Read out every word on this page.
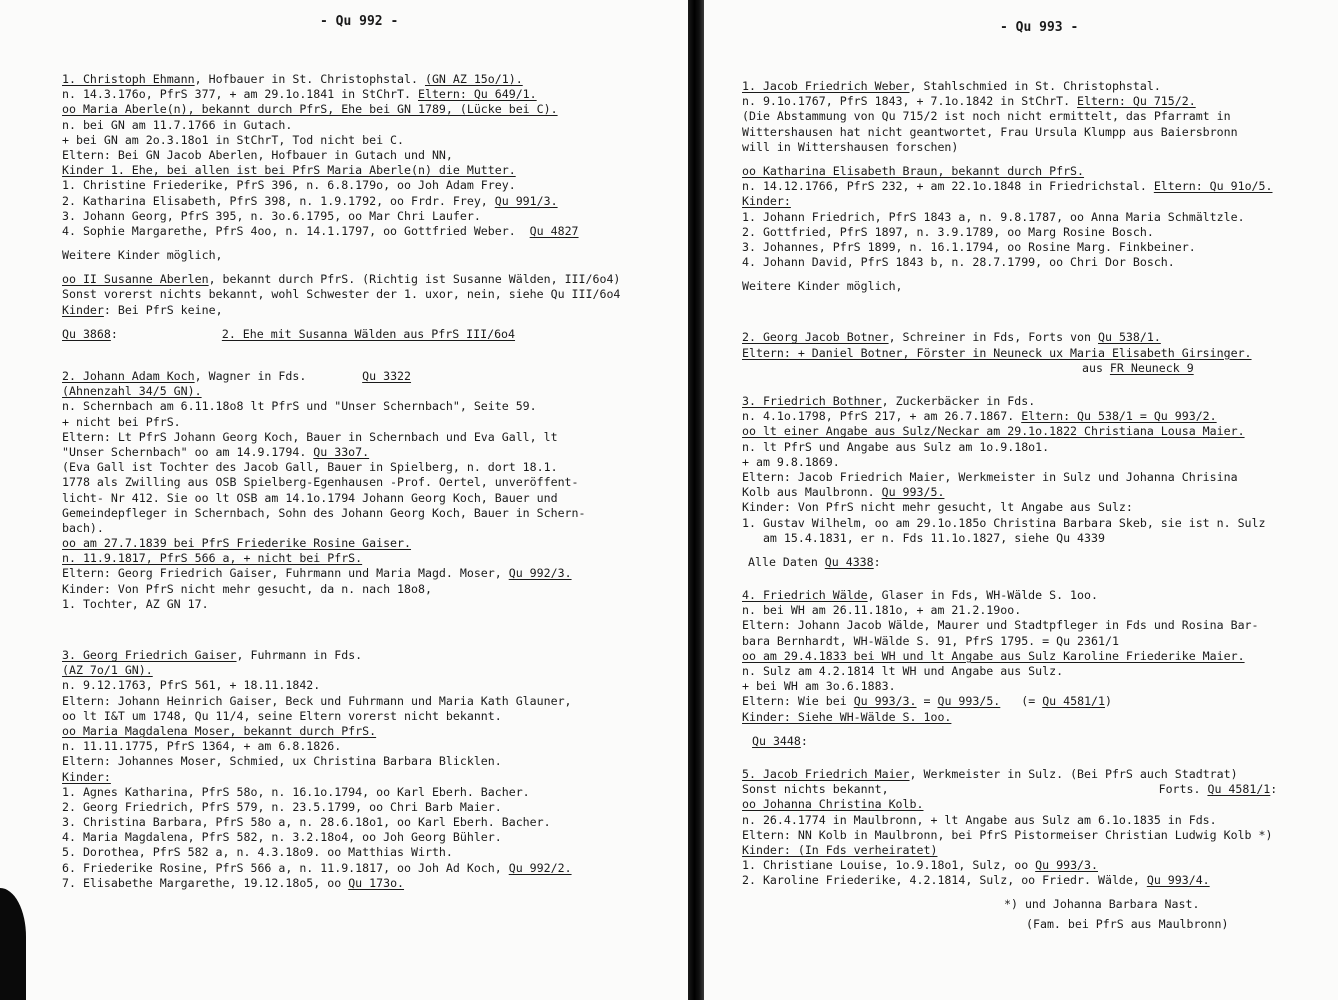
- Qu 992 -
1. Christoph Ehmann, Hofbauer in St. Christophstal. (GN AZ 15o/1).
n. 14.3.176o, PfrS 377, + am 29.1o.1841 in StChrT. Eltern: Qu 649/1.
oo Maria Aberle(n), bekannt durch PfrS, Ehe bei GN 1789, (Lücke bei C).
n. bei GN am 11.7.1766 in Gutach.
+ bei GN am 2o.3.18o1 in StChrT, Tod nicht bei C.
Eltern: Bei GN Jacob Aberlen, Hofbauer in Gutach und NN,
Kinder 1. Ehe, bei allen ist bei PfrS Maria Aberle(n) die Mutter.
1. Christine Friederike, PfrS 396, n. 6.8.179o, oo Joh Adam Frey.
2. Katharina Elisabeth, PfrS 398, n. 1.9.1792, oo Frdr. Frey, Qu 991/3.
3. Johann Georg, PfrS 395, n. 3o.6.1795, oo Mar Chri Laufer.
4. Sophie Margarethe, PfrS 4oo, n. 14.1.1797, oo Gottfried Weber.  Qu 4827
Weitere Kinder möglich,
oo II Susanne Aberlen, bekannt durch PfrS. (Richtig ist Susanne Wälden, III/6o4)
Sonst vorerst nichts bekannt, wohl Schwester der 1. uxor, nein, siehe Qu III/6o4
Kinder: Bei PfrS keine,
Qu 3868:	2. Ehe mit Susanna Wälden aus PfrS III/6o4
2. Johann Adam Koch, Wagner in Fds.        Qu 3322
(Ahnenzahl 34/5 GN).
n. Schernbach am 6.11.18o8 lt PfrS und "Unser Schernbach", Seite 59.
+ nicht bei PfrS.
Eltern: Lt PfrS Johann Georg Koch, Bauer in Schernbach und Eva Gall, lt
"Unser Schernbach" oo am 14.9.1794. Qu 33o7.
(Eva Gall ist Tochter des Jacob Gall, Bauer in Spielberg, n. dort 18.1.
1778 als Zwilling aus OSB Spielberg-Egenhausen -Prof. Oertel, unveröffent-
licht- Nr 412. Sie oo lt OSB am 14.1o.1794 Johann Georg Koch, Bauer und
Gemeindepfleger in Schernbach, Sohn des Johann Georg Koch, Bauer in Schern-
bach).
oo am 27.7.1839 bei PfrS Friederike Rosine Gaiser.
n. 11.9.1817, PfrS 566 a, + nicht bei PfrS.
Eltern: Georg Friedrich Gaiser, Fuhrmann und Maria Magd. Moser, Qu 992/3.
Kinder: Von PfrS nicht mehr gesucht, da n. nach 18o8,
1. Tochter, AZ GN 17.
3. Georg Friedrich Gaiser, Fuhrmann in Fds.
(AZ 7o/1 GN).
n. 9.12.1763, PfrS 561, + 18.11.1842.
Eltern: Johann Heinrich Gaiser, Beck und Fuhrmann und Maria Kath Glauner,
oo lt I&T um 1748, Qu 11/4, seine Eltern vorerst nicht bekannt.
oo Maria Magdalena Moser, bekannt durch PfrS.
n. 11.11.1775, PfrS 1364, + am 6.8.1826.
Eltern: Johannes Moser, Schmied, ux Christina Barbara Blicklen.
Kinder:
1. Agnes Katharina, PfrS 58o, n. 16.1o.1794, oo Karl Eberh. Bacher.
2. Georg Friedrich, PfrS 579, n. 23.5.1799, oo Chri Barb Maier.
3. Christina Barbara, PfrS 58o a, n. 28.6.18o1, oo Karl Eberh. Bacher.
4. Maria Magdalena, PfrS 582, n. 3.2.18o4, oo Joh Georg Bühler.
5. Dorothea, PfrS 582 a, n. 4.3.18o9. oo Matthias Wirth.
6. Friederike Rosine, PfrS 566 a, n. 11.9.1817, oo Joh Ad Koch, Qu 992/2.
7. Elisabethe Margarethe, 19.12.18o5, oo Qu 173o.
- Qu 993 -
1. Jacob Friedrich Weber, Stahlschmied in St. Christophstal.
n. 9.1o.1767, PfrS 1843, + 7.1o.1842 in StChrT. Eltern: Qu 715/2.
(Die Abstammung von Qu 715/2 ist noch nicht ermittelt, das Pfarramt in
Wittershausen hat nicht geantwortet, Frau Ursula Klumpp aus Baiersbronn
will in Wittershausen forschen)
oo Katharina Elisabeth Braun, bekannt durch PfrS.
n. 14.12.1766, PfrS 232, + am 22.1o.1848 in Friedrichstal. Eltern: Qu 91o/5.
Kinder:
1. Johann Friedrich, PfrS 1843 a, n. 9.8.1787, oo Anna Maria Schmältzle.
2. Gottfried, PfrS 1897, n. 3.9.1789, oo Marg Rosine Bosch.
3. Johannes, PfrS 1899, n. 16.1.1794, oo Rosine Marg. Finkbeiner.
4. Johann David, PfrS 1843 b, n. 28.7.1799, oo Chri Dor Bosch.
Weitere Kinder möglich,
2. Georg Jacob Botner, Schreiner in Fds, Forts von Qu 538/1.
Eltern: + Daniel Botner, Förster in Neuneck ux Maria Elisabeth Girsinger.
aus FR Neuneck 9
3. Friedrich Bothner, Zuckerbäcker in Fds.
n. 4.1o.1798, PfrS 217, + am 26.7.1867. Eltern: Qu 538/1 = Qu 993/2.
oo lt einer Angabe aus Sulz/Neckar am 29.1o.1822 Christiana Lousa Maier.
n. lt PfrS und Angabe aus Sulz am 1o.9.18o1.
+ am 9.8.1869.
Eltern: Jacob Friedrich Maier, Werkmeister in Sulz und Johanna Chrisina
Kolb aus Maulbronn. Qu 993/5.
Kinder: Von PfrS nicht mehr gesucht, lt Angabe aus Sulz:
1. Gustav Wilhelm, oo am 29.1o.185o Christina Barbara Skeb, sie ist n. Sulz
am 15.4.1831, er n. Fds 11.1o.1827, siehe Qu 4339
Alle Daten Qu 4338:
4. Friedrich Wälde, Glaser in Fds, WH-Wälde S. 1oo.
n. bei WH am 26.11.181o, + am 21.2.19oo.
Eltern: Johann Jacob Wälde, Maurer und Stadtpfleger in Fds und Rosina Bar-
bara Bernhardt, WH-Wälde S. 91, PfrS 1795. = Qu 2361/1
oo am 29.4.1833 bei WH und lt Angabe aus Sulz Karoline Friederike Maier.
n. Sulz am 4.2.1814 lt WH und Angabe aus Sulz.
+ bei WH am 3o.6.1883.
Eltern: Wie bei Qu 993/3. = Qu 993/5.   (= Qu 4581/1)
Kinder: Siehe WH-Wälde S. 1oo.
Qu 3448:
5. Jacob Friedrich Maier, Werkmeister in Sulz. (Bei PfrS auch Stadtrat)
Sonst nichts bekannt,	Forts. Qu 4581/1:
oo Johanna Christina Kolb.
n. 26.4.1774 in Maulbronn, + lt Angabe aus Sulz am 6.1o.1835 in Fds.
Eltern: NN Kolb in Maulbronn, bei PfrS Pistormeiser Christian Ludwig Kolb *)
Kinder: (In Fds verheiratet)
1. Christiane Louise, 1o.9.18o1, Sulz, oo Qu 993/3.
2. Karoline Friederike, 4.2.1814, Sulz, oo Friedr. Wälde, Qu 993/4.
*) und Johanna Barbara Nast.
(Fam. bei PfrS aus Maulbronn)
